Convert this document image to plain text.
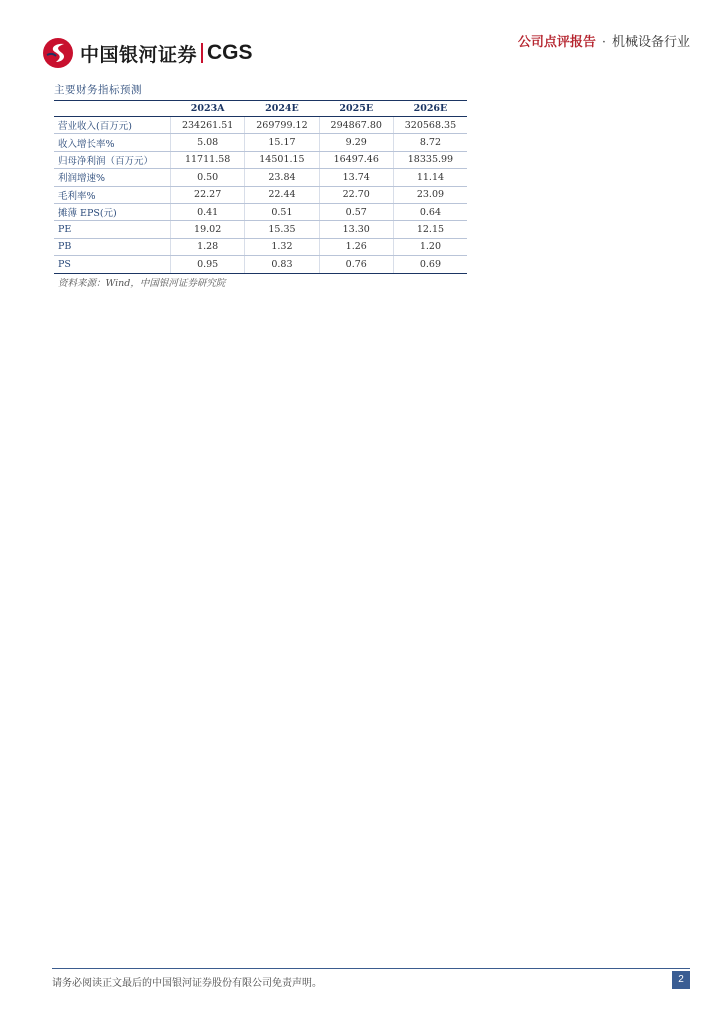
中国银河证券 CGS	公司点评报告 · 机械设备行业
主要财务指标预测
	2023A	2024E	2025E	2026E
营业收入(百万元)	234261.51	269799.12	294867.80	320568.35
收入增长率%	5.08	15.17	9.29	8.72
归母净利润（百万元）	11711.58	14501.15	16497.46	18335.99
利润增速%	0.50	23.84	13.74	11.14
毛利率%	22.27	22.44	22.70	23.09
摊薄 EPS(元)	0.41	0.51	0.57	0.64
PE	19.02	15.35	13.30	12.15
PB	1.28	1.32	1.26	1.20
PS	0.95	0.83	0.76	0.69
资料来源：Wind，中国银河证券研究院
请务必阅读正文最后的中国银河证券股份有限公司免责声明。	2
